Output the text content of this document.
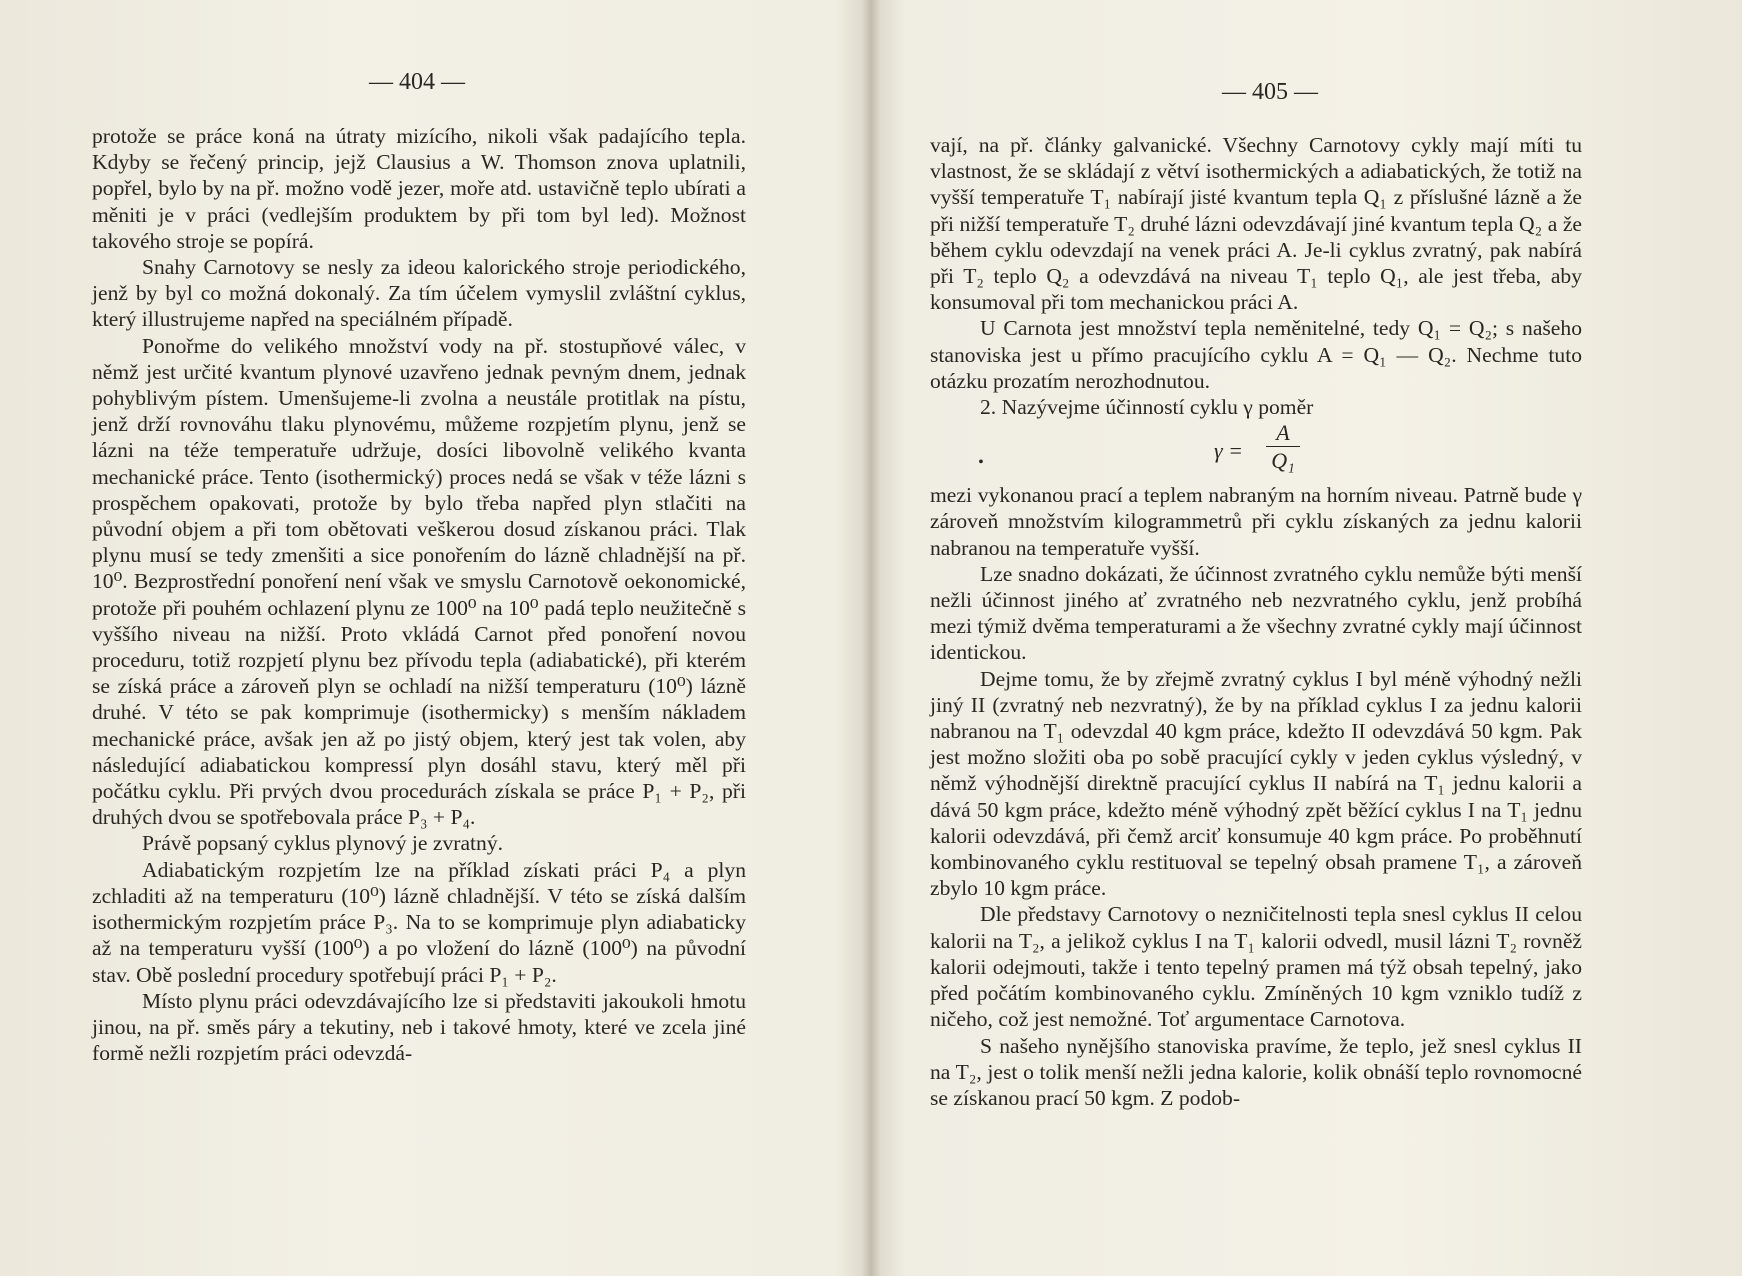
— 404 —

protože se práce koná na útraty mizícího, nikoli však padajícího tepla. Kdyby se řečený princip, jejž Clausius a W. Thomson znova uplatnili, popřel, bylo by na př. možno vodě jezer, moře atd. ustavičně teplo ubírati a měniti je v práci (vedlejším produktem by při tom byl led). Možnost takového stroje se popírá.

Snahy Carnotovy se nesly za ideou kalorického stroje periodického, jenž by byl co možná dokonalý. Za tím účelem vymyslil zvláštní cyklus, který illustrujeme napřed na speciálném případě.

Ponořme do velikého množství vody na př. stostupňové válec, v němž jest určité kvantum plynové uzavřeno jednak pevným dnem, jednak pohyblivým pístem. Umenšujeme-li zvolna a neustále protitlak na pístu, jenž drží rovnováhu tlaku plynovému, můžeme rozpjetím plynu, jenž se lázni na téže temperatuře udržuje, dosíci libovolně velikého kvanta mechanické práce. Tento (isothermický) proces nedá se však v téže lázni s prospěchem opakovati, protože by bylo třeba napřed plyn stlačiti na původní objem a při tom obětovati veškerou dosud získanou práci. Tlak plynu musí se tedy zmenšiti a sice ponořením do lázně chladnější na př. 10⁰. Bezprostřední ponoření není však ve smyslu Carnotově oekonomické, protože při pouhém ochlazení plynu ze 100⁰ na 10⁰ padá teplo neužitečně s vyššího niveau na nižší. Proto vkládá Carnot před ponoření novou proceduru, totiž rozpjetí plynu bez přívodu tepla (adiabatické), při kterém se získá práce a zároveň plyn se ochladí na nižší temperaturu (10⁰) lázně druhé. V této se pak komprimuje (isothermicky) s menším nákladem mechanické práce, avšak jen až po jistý objem, který jest tak volen, aby následující adiabatickou kompressí plyn dosáhl stavu, který měl při počátku cyklu. Při prvých dvou procedurách získala se práce P₁ + P₂, při druhých dvou se spotřebovala práce P₃ + P₄.

Právě popsaný cyklus plynový je zvratný.

Adiabatickým rozpjetím lze na příklad získati práci P₄ a plyn zchladiti až na temperaturu (10⁰) lázně chladnější. V této se získá dalším isothermickým rozpjetím práce P₃. Na to se komprimuje plyn adiabaticky až na temperaturu vyšší (100⁰) a po vložení do lázně (100⁰) na původní stav. Obě poslední procedury spotřebují práci P₁ + P₂.

Místo plynu práci odevzdávajícího lze si představiti jakoukoli hmotu jinou, na př. směs páry a tekutiny, neb i takové hmoty, které ve zcela jiné formě nežli rozpjetím práci odevzdá-

— 405 —

vají, na př. články galvanické. Všechny Carnotovy cykly mají míti tu vlastnost, že se skládají z větví isothermických a adiabatických, že totiž na vyšší temperatuře T₁ nabírají jisté kvantum tepla Q₁ z příslušné lázně a že při nižší temperatuře T₂ druhé lázni odevzdávají jiné kvantum tepla Q₂ a že během cyklu odevzdají na venek práci A. Je-li cyklus zvratný, pak nabírá při T₂ teplo Q₂ a odevzdává na niveau T₁ teplo Q₁, ale jest třeba, aby konsumoval při tom mechanickou práci A.

U Carnota jest množství tepla neměnitelné, tedy Q₁ = Q₂; s našeho stanoviska jest u přímo pracujícího cyklu A = Q₁ — Q₂. Nechme tuto otázku prozatím nerozhodnutou.

2. Nazývejme účinností cyklu γ poměr

•	$\gamma = \frac{A}{\text{Q₁}}$

mezi vykonanou prací a teplem nabraným na horním niveau. Patrně bude γ zároveň množstvím kilogrammetrů při cyklu získaných za jednu kalorii nabranou na temperatuře vyšší.

Lze snadno dokázati, že účinnost zvratného cyklu nemůže býti menší nežli účinnost jiného ať zvratného neb nezvratného cyklu, jenž probíhá mezi týmiž dvěma temperaturami a že všechny zvratné cykly mají účinnost identickou.

Dejme tomu, že by zřejmě zvratný cyklus I byl méně výhodný nežli jiný II (zvratný neb nezvratný), že by na příklad cyklus I za jednu kalorii nabranou na T₁ odevzdal 40 kgm práce, kdežto II odevzdává 50 kgm. Pak jest možno složiti oba po sobě pracující cykly v jeden cyklus výsledný, v němž výhodnější direktně pracující cyklus II nabírá na T₁ jednu kalorii a dává 50 kgm práce, kdežto méně výhodný zpět běžící cyklus I na T₁ jednu kalorii odevzdává, při čemž arciť konsumuje 40 kgm práce. Po proběhnutí kombinovaného cyklu restituoval se tepelný obsah pramene T₁, a zároveň zbylo 10 kgm práce.

Dle představy Carnotovy o nezničitelnosti tepla snesl cyklus II celou kalorii na T₂, a jelikož cyklus I na T₁ kalorii odvedl, musil lázni T₂ rovněž kalorii odejmouti, takže i tento tepelný pramen má týž obsah tepelný, jako před počátím kombinovaného cyklu. Zmíněných 10 kgm vzniklo tudíž z ničeho, což jest nemožné. Toť argumentace Carnotova.

S našeho nynějšího stanoviska pravíme, že teplo, jež snesl cyklus II na T₂, jest o tolik menší nežli jedna kalorie, kolik obnáší teplo rovnomocné se získanou prací 50 kgm. Z podob-
